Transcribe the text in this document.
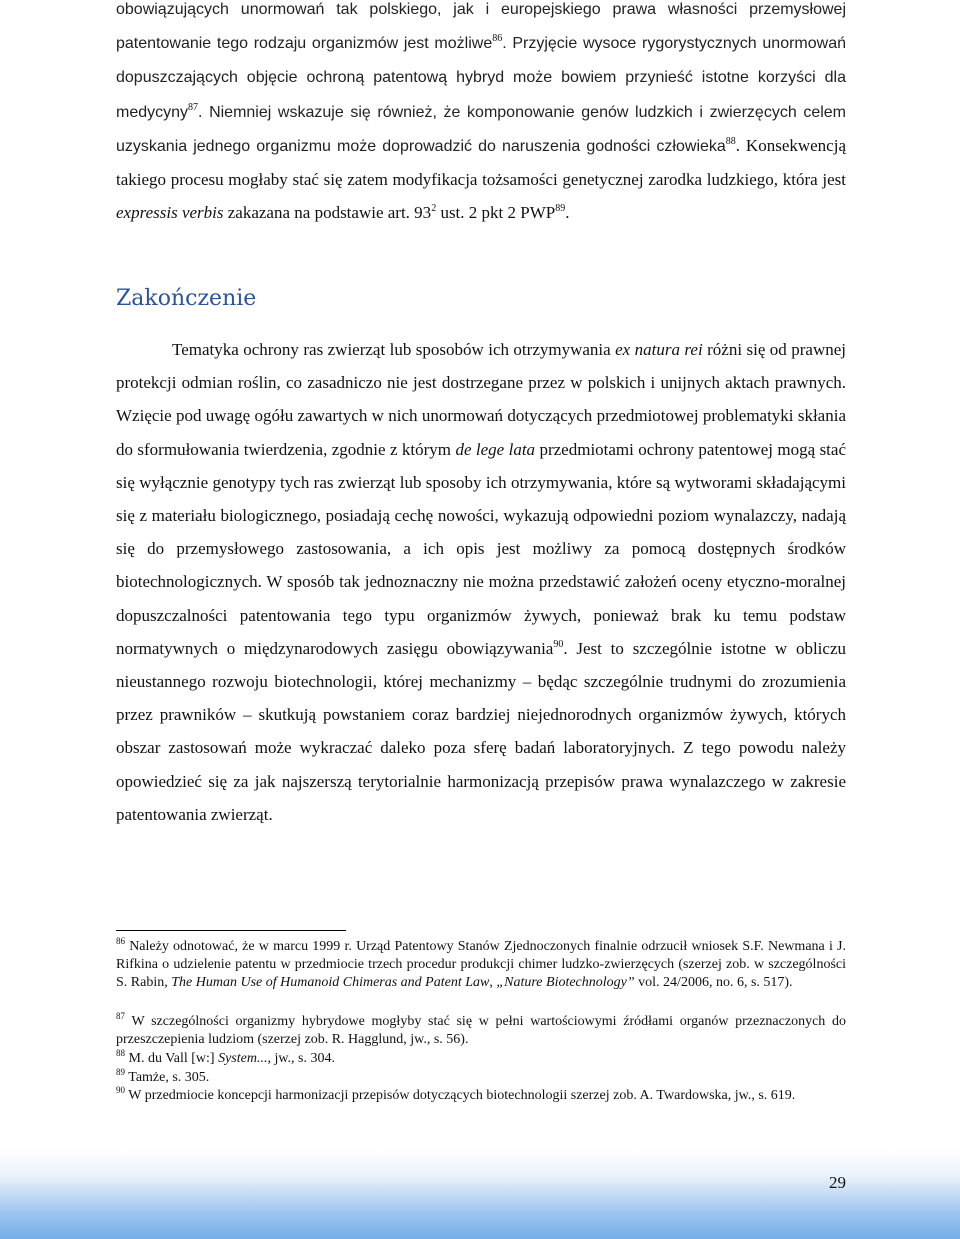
obowiązujących unormowań tak polskiego, jak i europejskiego prawa własności przemysłowej patentowanie tego rodzaju organizmów jest możliwe$^{86}$. Przyjęcie wysoce rygorystycznych unormowań dopuszczających objęcie ochroną patentową hybryd może bowiem przynieść istotne korzyści dla medycyny$^{87}$. Niemniej wskazuje się również, że komponowanie genów ludzkich i zwierzęcych celem uzyskania jednego organizmu może doprowadzić do naruszenia godności człowieka$^{88}$. Konsekwencją takiego procesu mogłaby stać się zatem modyfikacja tożsamości genetycznej zarodka ludzkiego, która jest expressis verbis zakazana na podstawie art. $93^2$ ust. 2 pkt 2 PWP$^{89}$.

Zakończenie

Tematyka ochrony ras zwierząt lub sposobów ich otrzymywania ex natura rei różni się od prawnej protekcji odmian roślin, co zasadniczo nie jest dostrzegane przez w polskich i unijnych aktach prawnych. Wzięcie pod uwagę ogółu zawartych w nich unormowań dotyczących przedmiotowej problematyki skłania do sformułowania twierdzenia, zgodnie z którym de lege lata przedmiotami ochrony patentowej mogą stać się wyłącznie genotypy tych ras zwierząt lub sposoby ich otrzymywania, które są wytworami składającymi się z materiału biologicznego, posiadają cechę nowości, wykazują odpowiedni poziom wynalazczy, nadają się do przemysłowego zastosowania, a ich opis jest możliwy za pomocą dostępnych środków biotechnologicznych. W sposób tak jednoznaczny nie można przedstawić założeń oceny etyczno-moralnej dopuszczalności patentowania tego typu organizmów żywych, ponieważ brak ku temu podstaw normatywnych o międzynarodowych zasięgu obowiązywania$^{90}$. Jest to szczególnie istotne w obliczu nieustannego rozwoju biotechnologii, której mechanizmy – będąc szczególnie trudnymi do zrozumienia przez prawników – skutkują powstaniem coraz bardziej niejednorodnych organizmów żywych, których obszar zastosowań może wykraczać daleko poza sferę badań laboratoryjnych. Z tego powodu należy opowiedzieć się za jak najszerszą terytorialnie harmonizacją przepisów prawa wynalazczego w zakresie patentowania zwierząt.

$^{86}$ Należy odnotować, że w marcu 1999 r. Urząd Patentowy Stanów Zjednoczonych finalnie odrzucił wniosek S.F. Newmana i J. Rifkina o udzielenie patentu w przedmiocie trzech procedur produkcji chimer ludzko-zwierzęcych (szerzej zob. w szczególności S. Rabin, The Human Use of Humanoid Chimeras and Patent Law, „Nature Biotechnology” vol. 24/2006, no. 6, s. 517).
$^{87}$ W szczególności organizmy hybrydowe mogłyby stać się w pełni wartościowymi źródłami organów przeznaczonych do przeszczepienia ludziom (szerzej zob. R. Hagglund, jw., s. 56).
$^{88}$ M. du Vall [w:] System..., jw., s. 304.
$^{89}$ Tamże, s. 305.
$^{90}$ W przedmiocie koncepcji harmonizacji przepisów dotyczących biotechnologii szerzej zob. A. Twardowska, jw., s. 619.
29
